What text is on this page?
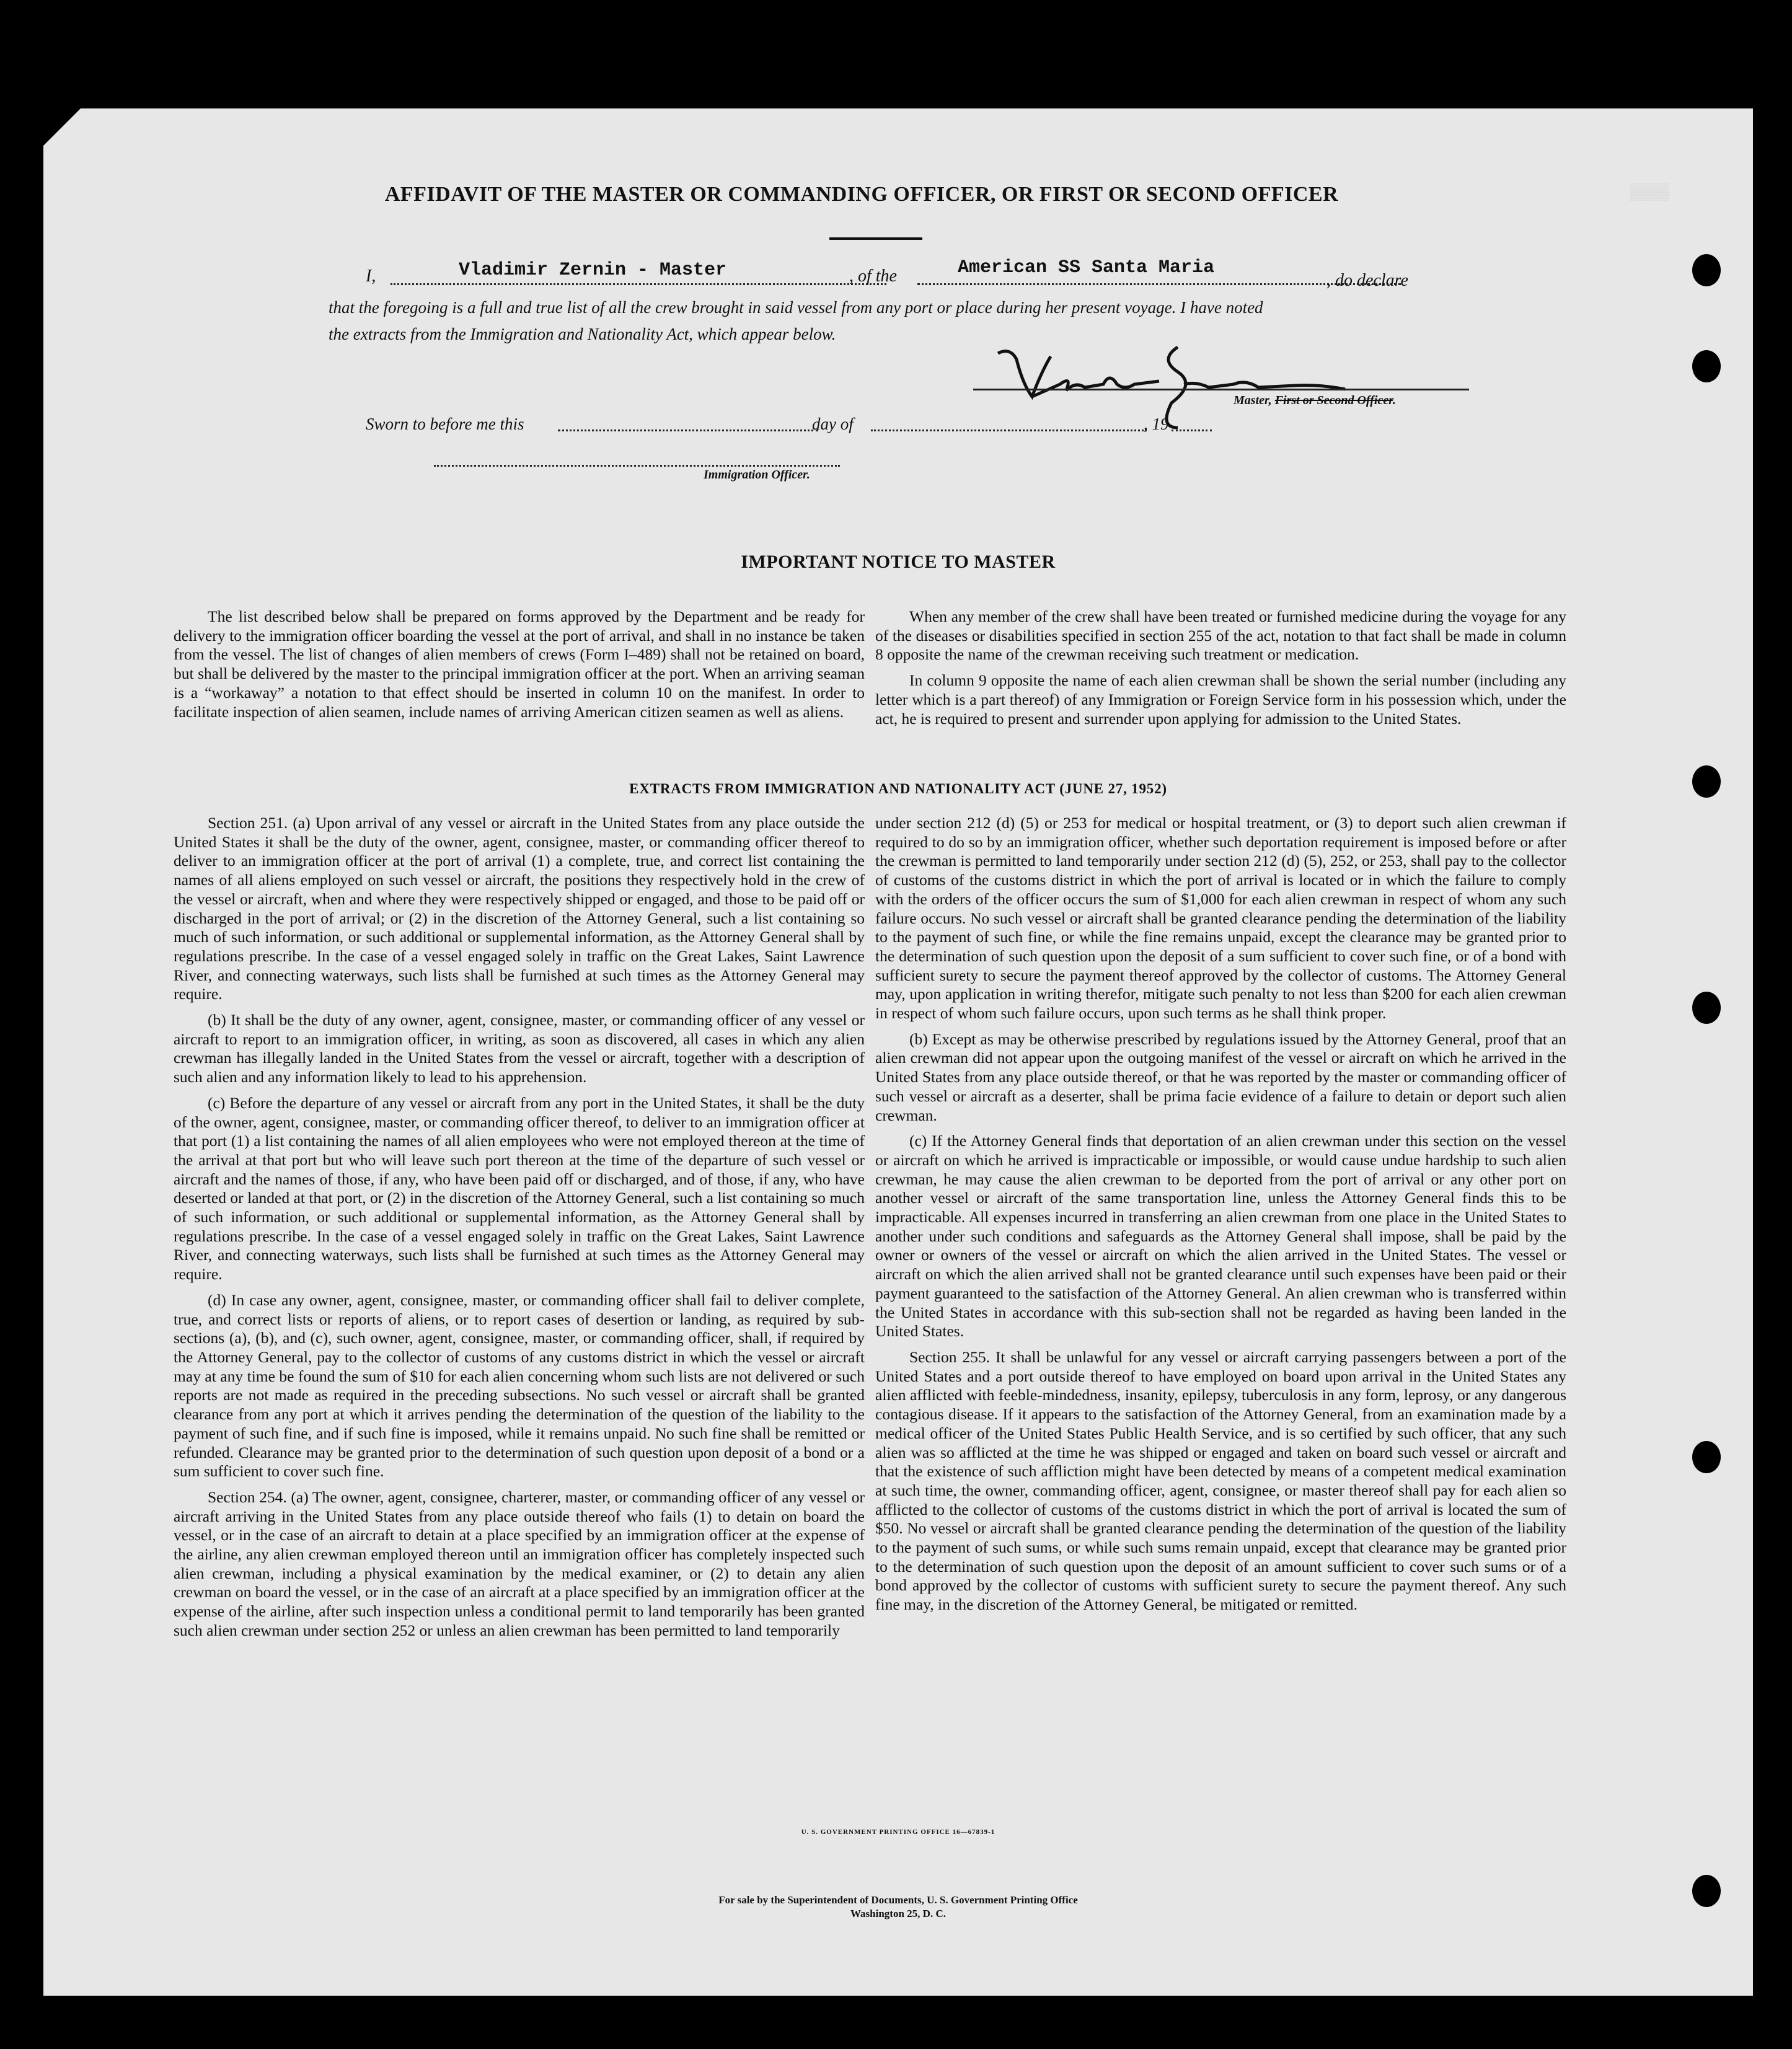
▒▒▒▒
AFFIDAVIT OF THE MASTER OR COMMANDING OFFICER, OR FIRST OR SECOND OFFICER
I,	Vladimir Zernin - Master	, of the	American SS Santa Maria
, do declare
that the foregoing is a full and true list of all the crew brought in said vessel from any port or place during her present voyage. I have noted
the extracts from the Immigration and Nationality Act, which appear below.
Master, First or Second Officer.
Sworn to before me this	day of	, 19
Immigration Officer.
IMPORTANT NOTICE TO MASTER

The list described below shall be prepared on forms approved by the Department and be ready for delivery to the immigration officer boarding the vessel at the port of arrival, and shall in no instance be taken from the vessel. The list of changes of alien members of crews (Form I–489) shall not be retained on board, but shall be delivered by the master to the principal immigration officer at the port. When an arriving seaman is a “workaway” a notation to that effect should be inserted in column 10 on the manifest. In order to facilitate inspection of alien seamen, include names of arriving American citizen seamen as well as aliens.

When any member of the crew shall have been treated or furnished medicine during the voyage for any of the diseases or disabilities specified in section 255 of the act, notation to that fact shall be made in column 8 opposite the name of the crewman receiving such treatment or medication.

In column 9 opposite the name of each alien crewman shall be shown the serial number (including any letter which is a part thereof) of any Immigration or Foreign Service form in his possession which, under the act, he is required to present and surrender upon applying for admission to the United States.

EXTRACTS FROM IMMIGRATION AND NATIONALITY ACT (JUNE 27, 1952)

Section 251. (a) Upon arrival of any vessel or aircraft in the United States from any place outside the United States it shall be the duty of the owner, agent, consignee, master, or commanding officer thereof to deliver to an immigration officer at the port of arrival (1) a complete, true, and correct list containing the names of all aliens employed on such vessel or aircraft, the positions they respectively hold in the crew of the vessel or aircraft, when and where they were respectively shipped or engaged, and those to be paid off or discharged in the port of arrival; or (2) in the discretion of the Attorney General, such a list containing so much of such information, or such additional or supplemental information, as the Attorney General shall by regulations prescribe. In the case of a vessel engaged solely in traffic on the Great Lakes, Saint Lawrence River, and connecting waterways, such lists shall be furnished at such times as the Attorney General may require.

(b) It shall be the duty of any owner, agent, consignee, master, or commanding officer of any vessel or aircraft to report to an immigration officer, in writing, as soon as discovered, all cases in which any alien crewman has illegally landed in the United States from the vessel or aircraft, together with a description of such alien and any information likely to lead to his apprehension.

(c) Before the departure of any vessel or aircraft from any port in the United States, it shall be the duty of the owner, agent, consignee, master, or commanding officer thereof, to deliver to an immigration officer at that port (1) a list containing the names of all alien employees who were not employed thereon at the time of the arrival at that port but who will leave such port thereon at the time of the departure of such vessel or aircraft and the names of those, if any, who have been paid off or discharged, and of those, if any, who have deserted or landed at that port, or (2) in the discretion of the Attorney General, such a list containing so much of such information, or such additional or supplemental information, as the Attorney General shall by regulations prescribe. In the case of a vessel engaged solely in traffic on the Great Lakes, Saint Lawrence River, and connecting waterways, such lists shall be furnished at such times as the Attorney General may require.

(d) In case any owner, agent, consignee, master, or commanding officer shall fail to deliver complete, true, and correct lists or reports of aliens, or to report cases of desertion or landing, as required by sub-sections (a), (b), and (c), such owner, agent, consignee, master, or commanding officer, shall, if required by the Attorney General, pay to the collector of customs of any customs district in which the vessel or aircraft may at any time be found the sum of $10 for each alien concerning whom such lists are not delivered or such reports are not made as required in the preceding subsections. No such vessel or aircraft shall be granted clearance from any port at which it arrives pending the determination of the question of the liability to the payment of such fine, and if such fine is imposed, while it remains unpaid. No such fine shall be remitted or refunded. Clearance may be granted prior to the determination of such question upon deposit of a bond or a sum sufficient to cover such fine.

Section 254. (a) The owner, agent, consignee, charterer, master, or commanding officer of any vessel or aircraft arriving in the United States from any place outside thereof who fails (1) to detain on board the vessel, or in the case of an aircraft to detain at a place specified by an immigration officer at the expense of the airline, any alien crewman employed thereon until an immigration officer has completely inspected such alien crewman, including a physical examination by the medical examiner, or (2) to detain any alien crewman on board the vessel, or in the case of an aircraft at a place specified by an immigration officer at the expense of the airline, after such inspection unless a conditional permit to land temporarily has been granted such alien crewman under section 252 or unless an alien crewman has been permitted to land temporarily

under section 212 (d) (5) or 253 for medical or hospital treatment, or (3) to deport such alien crewman if required to do so by an immigration officer, whether such deportation requirement is imposed before or after the crewman is permitted to land temporarily under section 212 (d) (5), 252, or 253, shall pay to the collector of customs of the customs district in which the port of arrival is located or in which the failure to comply with the orders of the officer occurs the sum of $1,000 for each alien crewman in respect of whom any such failure occurs. No such vessel or aircraft shall be granted clearance pending the determination of the liability to the payment of such fine, or while the fine remains unpaid, except the clearance may be granted prior to the determination of such question upon the deposit of a sum sufficient to cover such fine, or of a bond with sufficient surety to secure the payment thereof approved by the collector of customs. The Attorney General may, upon application in writing therefor, mitigate such penalty to not less than $200 for each alien crewman in respect of whom such failure occurs, upon such terms as he shall think proper.

(b) Except as may be otherwise prescribed by regulations issued by the Attorney General, proof that an alien crewman did not appear upon the outgoing manifest of the vessel or aircraft on which he arrived in the United States from any place outside thereof, or that he was reported by the master or commanding officer of such vessel or aircraft as a deserter, shall be prima facie evidence of a failure to detain or deport such alien crewman.

(c) If the Attorney General finds that deportation of an alien crewman under this section on the vessel or aircraft on which he arrived is impracticable or impossible, or would cause undue hardship to such alien crewman, he may cause the alien crewman to be deported from the port of arrival or any other port on another vessel or aircraft of the same transportation line, unless the Attorney General finds this to be impracticable. All expenses incurred in transferring an alien crewman from one place in the United States to another under such conditions and safeguards as the Attorney General shall impose, shall be paid by the owner or owners of the vessel or aircraft on which the alien arrived in the United States. The vessel or aircraft on which the alien arrived shall not be granted clearance until such expenses have been paid or their payment guaranteed to the satisfaction of the Attorney General. An alien crewman who is transferred within the United States in accordance with this sub-section shall not be regarded as having been landed in the United States.

Section 255. It shall be unlawful for any vessel or aircraft carrying passengers between a port of the United States and a port outside thereof to have employed on board upon arrival in the United States any alien afflicted with feeble-mindedness, insanity, epilepsy, tuberculosis in any form, leprosy, or any dangerous contagious disease. If it appears to the satisfaction of the Attorney General, from an examination made by a medical officer of the United States Public Health Service, and is so certified by such officer, that any such alien was so afflicted at the time he was shipped or engaged and taken on board such vessel or aircraft and that the existence of such affliction might have been detected by means of a competent medical examination at such time, the owner, commanding officer, agent, consignee, or master thereof shall pay for each alien so afflicted to the collector of customs of the customs district in which the port of arrival is located the sum of $50. No vessel or aircraft shall be granted clearance pending the determination of the question of the liability to the payment of such sums, or while such sums remain unpaid, except that clearance may be granted prior to the determination of such question upon the deposit of an amount sufficient to cover such sums or of a bond approved by the collector of customs with sufficient surety to secure the payment thereof. Any such fine may, in the discretion of the Attorney General, be mitigated or remitted.

U. S. GOVERNMENT PRINTING OFFICE 16—67839-1
For sale by the Superintendent of Documents, U. S. Government Printing Office
Washington 25, D. C.
